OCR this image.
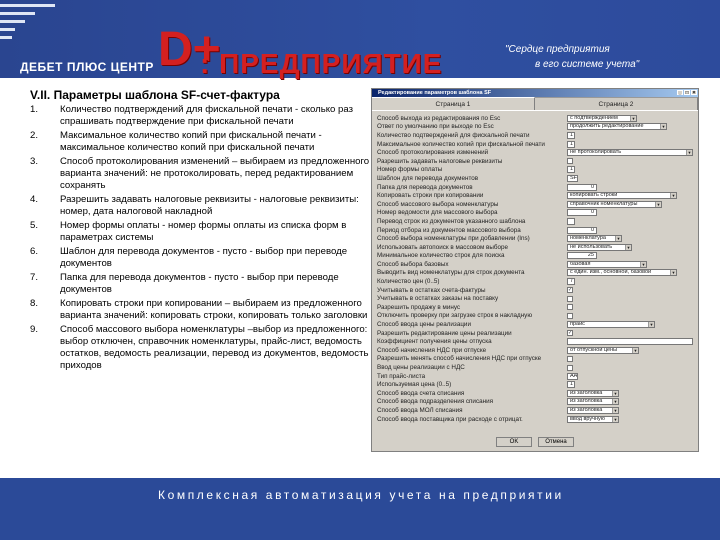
ДЕБЕТ ПЛЮС ЦЕНТР D+
: ПРЕДПРИЯТИЕ	"Сердце предприятия
в его системе учета"
V.II. Параметры шаблона SF-счет-фактура
1.	Количество подтверждений для фискальной печати - сколько раз спрашивать подтверждение при фискальной печати
2.	Максимальное количество копий при фискальной печати - максимальное количество копий при фискальной печати
3.	Способ протоколирования изменений – выбираем из предложенного варианта значений: не протоколировать, перед редактированием сохранять
4.	Разрешить задавать налоговые реквизиты - налоговые реквизиты: номер, дата налоговой накладной
5.	Номер формы оплаты - номер формы оплаты из списка форм в параметрах системы
6.	Шаблон для перевода документов - пусто - выбор при переводе документов
7.	Папка для перевода документов - пусто - выбор при переводе документов
8.	Копировать строки при копировании – выбираем из предложенного варианта значений: копировать строки, копировать только заголовки
9.	Способ массового выбора номенклатуры –выбор из предложенного: выбор отключен, справочник номенклатуры, прайс-лист, ведомость остатков, ведомость реализации, перевод из документов, ведомость приходов
Редактирование параметров шаблона SF	_ □ ×
Страница 1	Страница 2
Способ выхода из редактирования по Esc	с подтверждением	▼
Ответ по умолчанию при выходе по Esc	продолжить редактирование	▼
Количество подтверждений для фискальной печати	1
Максимальное количество копий при фискальной печати	1
Способ протоколирования изменений	не протоколировать	▼
Разрешить задавать налоговые реквизиты
Номер формы оплаты	1
Шаблон для перевода документов	SF
Папка для перевода документов	0
Копировать строки при копировании	копировать строки	▼
Способ массового выбора номенклатуры	справочник номенклатуры	▼
Номер ведомости для массового выбора	0
Перевод строк из документов указанного шаблона
Период отбора из документов массового выбора	0
Способ выбора номенклатуры при добавлении (Ins)	номенклатура	▼
Использовать автопоиск в массовом выборе	не использовать	▼
Минимальное количество строк для поиска	25
Способ выбора базовых	базовая	▼
Выводить вид номенклатуры для строк документа	с един. изм., основной, базовой	▼
Количество цен (0..5)	7
Учитывать в остатках счета-фактуры	✓
Учитывать в остатках заказы на поставку
Разрешить продажу в минус
Отключить проверку при загрузке строк в накладную
Способ ввода цены реализации	прайс	▼
Разрешить редактирование цены реализации	✓
Коэффициент получения цены отпуска
Способ начисления НДС при отпуске	от отпускной цены	▼
Разрешить менять способ начисления НДС при отпуске
Ввод цены реализации с НДС
Тип прайс-листа	АА
Используемая цена (0..5)	1
Способ ввода счета списания	из заголовка	▼
Способ ввода подразделения списания	из заголовка	▼
Способ ввода МОЛ списания	из заголовка	▼
Способ ввода поставщика при расходе с отрицат.	ввод вручную	▼
OK	Отмена
Комплексная автоматизация учета на предприятии
